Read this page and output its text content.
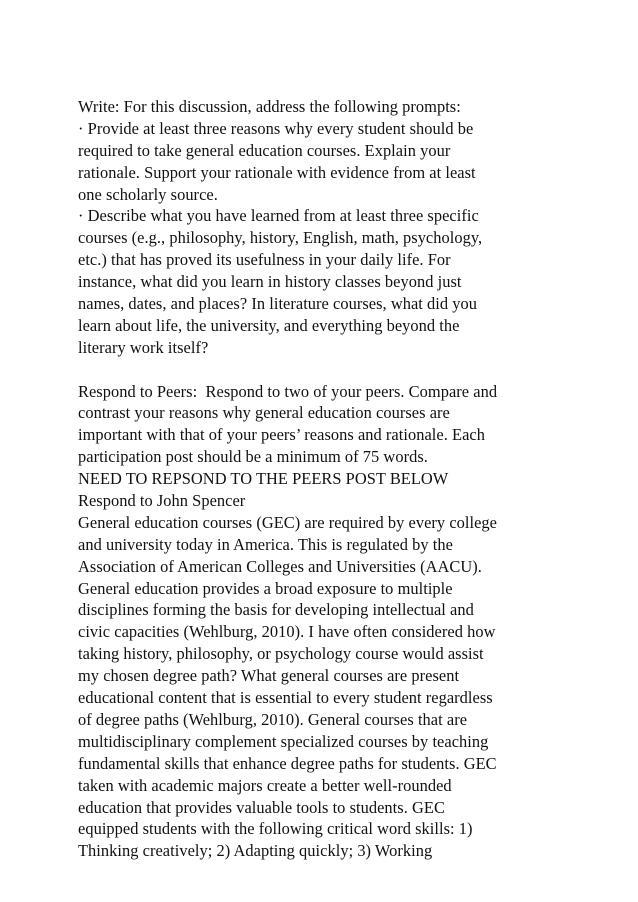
Write: For this discussion, address the following prompts:
· Provide at least three reasons why every student should be
required to take general education courses. Explain your
rationale. Support your rationale with evidence from at least
one scholarly source.
· Describe what you have learned from at least three specific
courses (e.g., philosophy, history, English, math, psychology,
etc.) that has proved its usefulness in your daily life. For
instance, what did you learn in history classes beyond just
names, dates, and places? In literature courses, what did you
learn about life, the university, and everything beyond the
literary work itself?
Respond to Peers:  Respond to two of your peers. Compare and
contrast your reasons why general education courses are
important with that of your peers’ reasons and rationale. Each
participation post should be a minimum of 75 words.
NEED TO REPSOND TO THE PEERS POST BELOW
Respond to John Spencer
General education courses (GEC) are required by every college
and university today in America. This is regulated by the
Association of American Colleges and Universities (AACU).
General education provides a broad exposure to multiple
disciplines forming the basis for developing intellectual and
civic capacities (Wehlburg, 2010). I have often considered how
taking history, philosophy, or psychology course would assist
my chosen degree path? What general courses are present
educational content that is essential to every student regardless
of degree paths (Wehlburg, 2010). General courses that are
multidisciplinary complement specialized courses by teaching
fundamental skills that enhance degree paths for students. GEC
taken with academic majors create a better well-rounded
education that provides valuable tools to students. GEC
equipped students with the following critical word skills: 1)
Thinking creatively; 2) Adapting quickly; 3) Working
